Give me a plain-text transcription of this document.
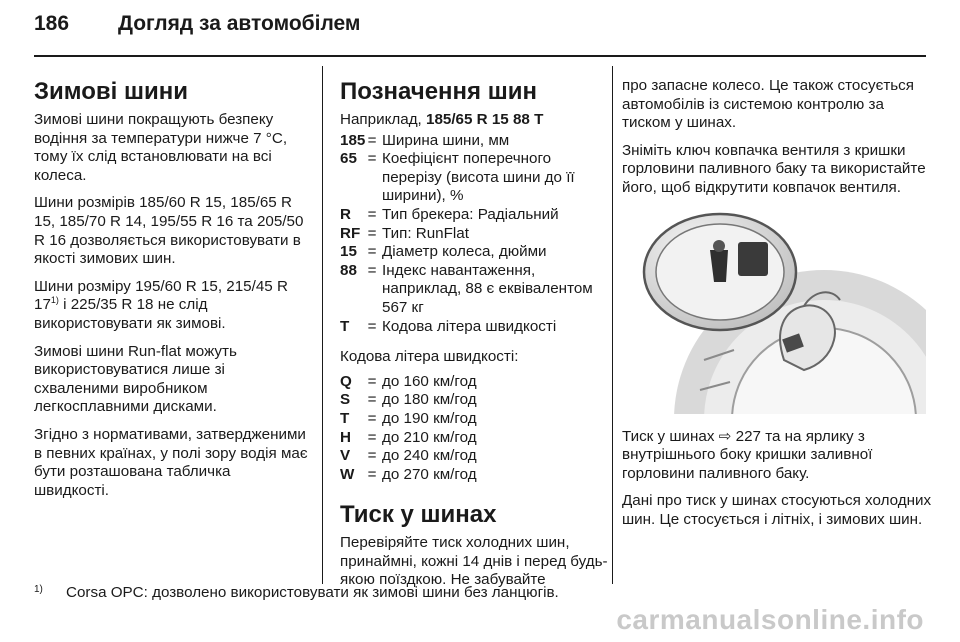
186	Догляд за автомобілем
Зимові шини

Зимові шини покращують безпеку водіння за температури нижче 7 °C, тому їх слід встановлювати на всі колеса.

Шини розмірів 185/60 R 15, 185/65 R 15, 185/70 R 14, 195/55 R 16 та 205/50 R 16 дозволяється використовувати в якості зимових шин.

Шини розміру 195/60 R 15, 215/45 R 17$^{1)}$ і 225/35 R 18 не слід використовувати як зимові.

Зимові шини Run-flat можуть використовуватися лише зі схваленими виробником легкосплавними дисками.

Згідно з нормативами, затвердженими в певних країнах, у полі зору водія має бути розташована табличка швидкості.

Позначення шин
Наприклад, 185/65 R 15 88 T
185 = Ширина шини, мм
65 = Коефіцієнт поперечного перерізу (висота шини до її ширини), %
R	= Тип брекера: Радіальний
RF = Тип: RunFlat
15 = Діаметр колеса, дюйми
88 = Індекс навантаження, наприклад, 88 є еквівалентом 567 кг
T	= Кодова літера швидкості

Кодова літера швидкості:

Q	= до 160 км/год
S	= до 180 км/год
T	= до 190 км/год
H	= до 210 км/год
V	= до 240 км/год
W = до 270 км/год
Тиск у шинах

Перевіряйте тиск холодних шин, принаймні, кожні 14 днів і перед будь-якою поїздкою. Не забувайте

про запасне колесо. Це також стосується автомобілів із системою контролю за тиском у шинах.

Зніміть ключ ковпачка вентиля з кришки горловини паливного баку та використайте його, щоб відкрутити ковпачок вентиля.

Тиск у шинах ⇨ 227 та на ярлику з внутрішнього боку кришки заливної горловини паливного баку.

Дані про тиск у шинах стосуються холодних шин. Це стосується і літніх, і зимових шин.

1)	Corsa OPC: дозволено використовувати як зимові шини без ланцюгів.
carmanualsonline.info
